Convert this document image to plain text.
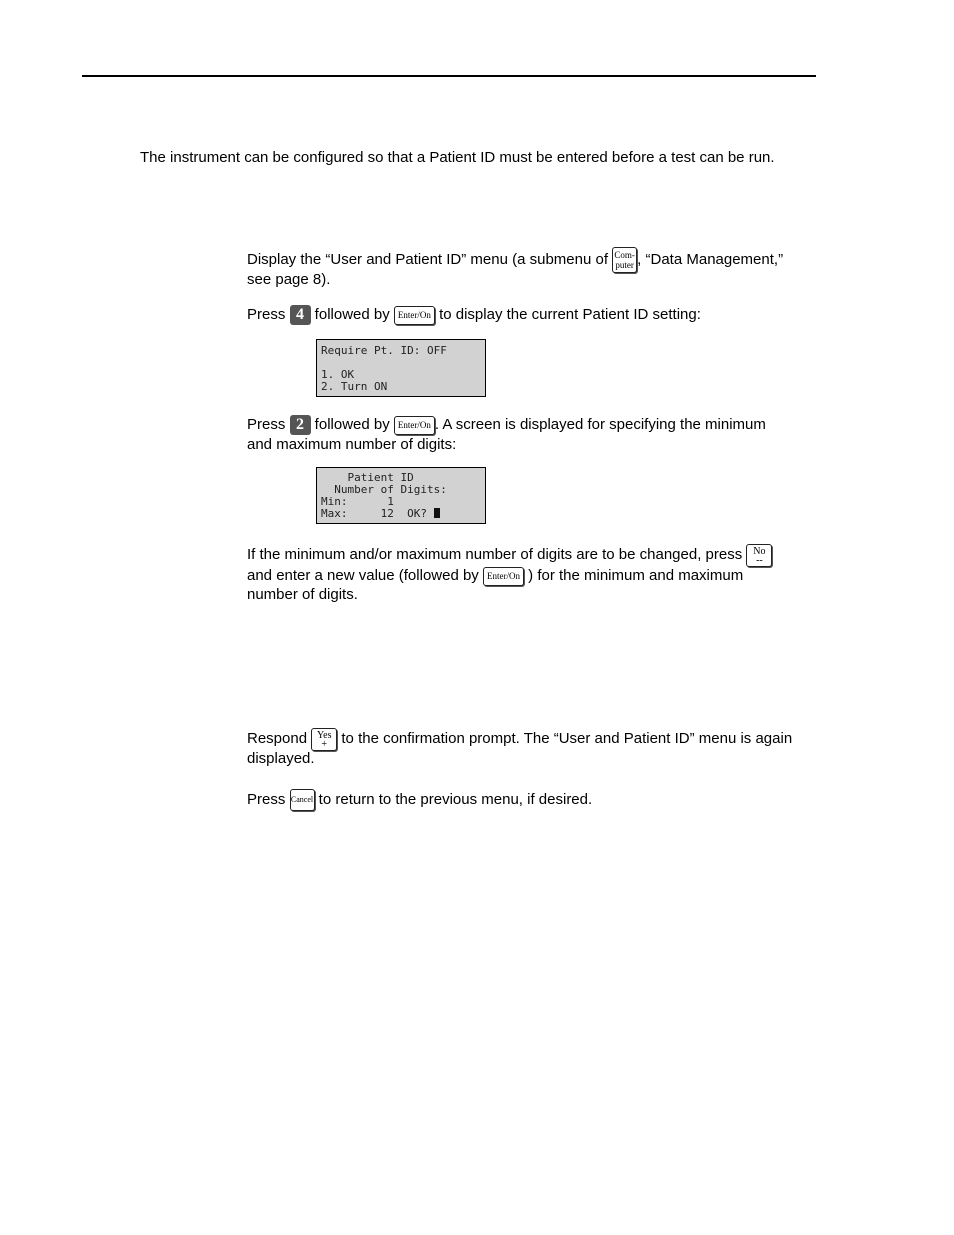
The instrument can be configured so that a Patient ID must be entered before a test can be run.
Display the “User and Patient ID” menu (a submenu of Com-
puter , “Data Management,”
see page 8).
Press 4 followed by Enter/On to display the current Patient ID setting:
Require Pt. ID: OFF

1. OK
2. Turn ON
Press 2 followed by Enter/On . A screen is displayed for specifying the minimum
and maximum number of digits:
Patient ID
Number of Digits:
Min:      1
Max:     12  OK?
If the minimum and/or maximum number of digits are to be changed, press No
--
and enter a new value (followed by Enter/On ) for the minimum and maximum
number of digits.
Respond Yes
+ to the confirmation prompt. The “User and Patient ID” menu is again
displayed.
Press Cancel to return to the previous menu, if desired.
